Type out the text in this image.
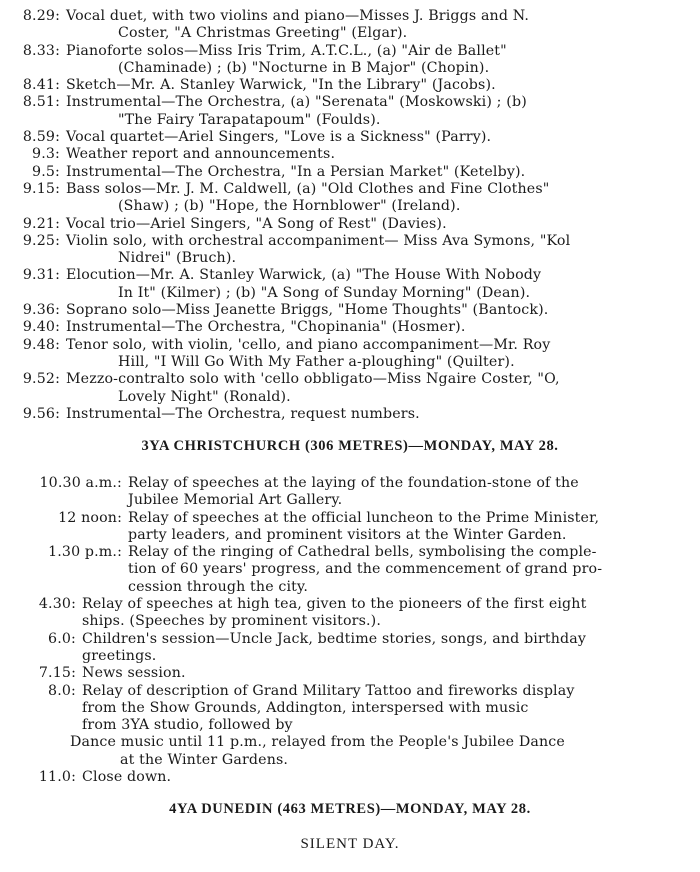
8.29: Vocal duet, with two violins and piano—Misses J. Briggs and N.
Coster, "A Christmas Greeting" (Elgar).
8.33: Pianoforte solos—Miss Iris Trim, A.T.C.L., (a) "Air de Ballet"
(Chaminade) ; (b) "Nocturne in B Major" (Chopin).
8.41: Sketch—Mr. A. Stanley Warwick, "In the Library" (Jacobs).
8.51: Instrumental—The Orchestra, (a) "Serenata" (Moskowski) ; (b)
"The Fairy Tarapatapoum" (Foulds).
8.59: Vocal quartet—Ariel Singers, "Love is a Sickness" (Parry).
9.3: Weather report and announcements.
9.5: Instrumental—The Orchestra, "In a Persian Market" (Ketelby).
9.15: Bass solos—Mr. J. M. Caldwell, (a) "Old Clothes and Fine Clothes"
(Shaw) ; (b) "Hope, the Hornblower" (Ireland).
9.21: Vocal trio—Ariel Singers, "A Song of Rest" (Davies).
9.25: Violin solo, with orchestral accompaniment— Miss Ava Symons, "Kol
Nidrei" (Bruch).
9.31: Elocution—Mr. A. Stanley Warwick, (a) "The House With Nobody
In It" (Kilmer) ; (b) "A Song of Sunday Morning" (Dean).
9.36: Soprano solo—Miss Jeanette Briggs, "Home Thoughts" (Bantock).
9.40: Instrumental—The Orchestra, "Chopinania" (Hosmer).
9.48: Tenor solo, with violin, 'cello, and piano accompaniment—Mr. Roy
Hill, "I Will Go With My Father a-ploughing" (Quilter).
9.52: Mezzo-contralto solo with 'cello obbligato—Miss Ngaire Coster, "O,
Lovely Night" (Ronald).
9.56: Instrumental—The Orchestra, request numbers.
3YA CHRISTCHURCH (306 METRES)—MONDAY, MAY 28.
10.30 a.m.: Relay of speeches at the laying of the foundation-stone of the
Jubilee Memorial Art Gallery.
12 noon: Relay of speeches at the official luncheon to the Prime Minister,
party leaders, and prominent visitors at the Winter Garden.
1.30 p.m.: Relay of the ringing of Cathedral bells, symbolising the comple-
tion of 60 years' progress, and the commencement of grand pro-
cession through the city.
4.30: Relay of speeches at high tea, given to the pioneers of the first eight
ships. (Speeches by prominent visitors.).
6.0: Children's session—Uncle Jack, bedtime stories, songs, and birthday
greetings.
7.15: News session.
8.0: Relay of description of Grand Military Tattoo and fireworks display
from the Show Grounds, Addington, interspersed with music
from 3YA studio, followed by
Dance music until 11 p.m., relayed from the People's Jubilee Dance
at the Winter Gardens.
11.0: Close down.
4YA DUNEDIN (463 METRES)—MONDAY, MAY 28.
SILENT DAY.
